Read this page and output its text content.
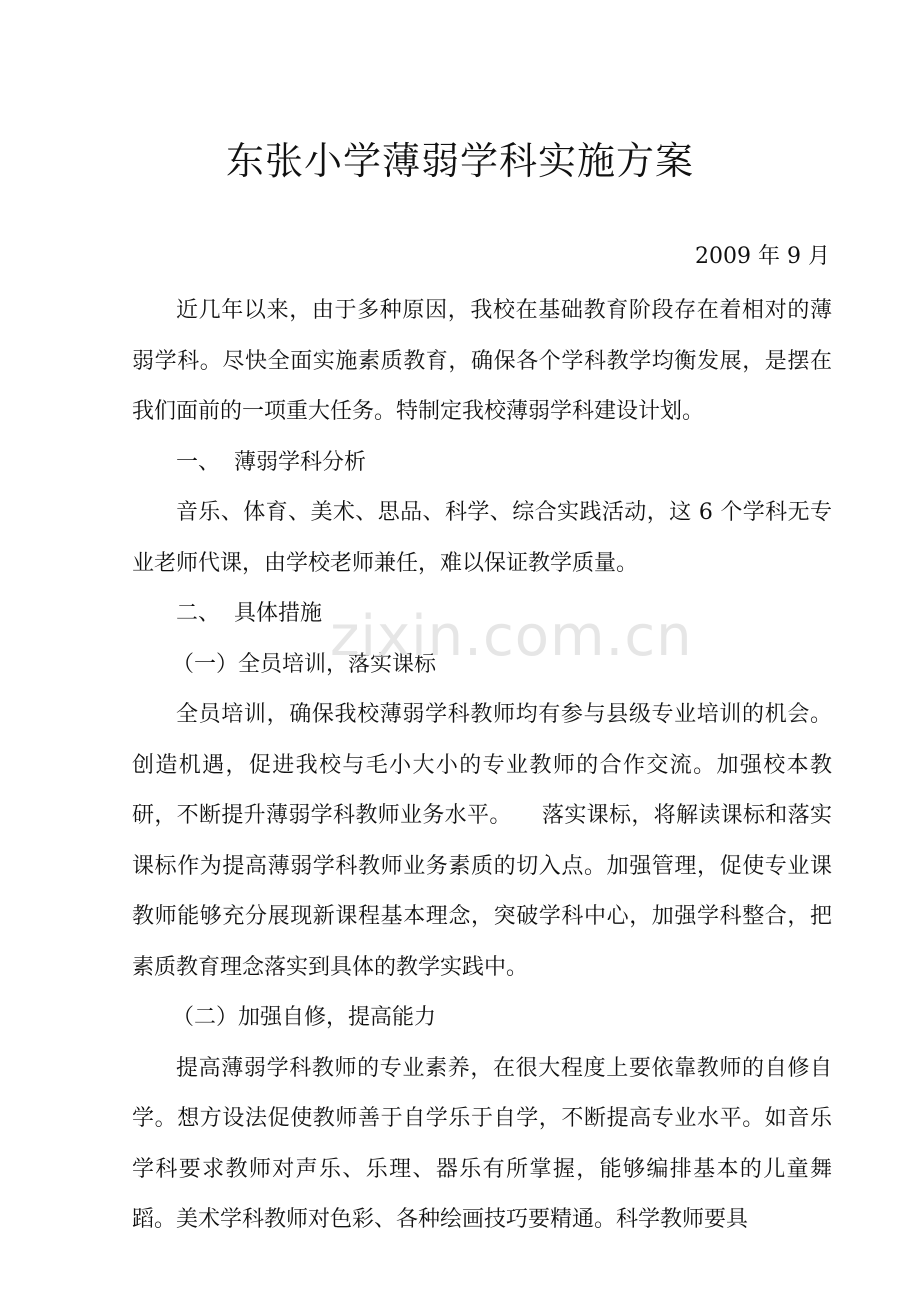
东张小学薄弱学科实施方案
2009 年 9 月

近几年以来，由于多种原因，我校在基础教育阶段存在着相对的薄弱学科。尽快全面实施素质教育，确保各个学科教学均衡发展，是摆在我们面前的一项重大任务。特制定我校薄弱学科建设计划。

一、 薄弱学科分析

音乐、体育、美术、思品、科学、综合实践活动，这 6 个学科无专业老师代课，由学校老师兼任，难以保证教学质量。

二、 具体措施

（一）全员培训，落实课标

全员培训，确保我校薄弱学科教师均有参与县级专业培训的机会。创造机遇，促进我校与毛小大小的专业教师的合作交流。加强校本教研，不断提升薄弱学科教师业务水平。 落实课标，将解读课标和落实课标作为提高薄弱学科教师业务素质的切入点。加强管理，促使专业课教师能够充分展现新课程基本理念，突破学科中心，加强学科整合，把素质教育理念落实到具体的教学实践中。

（二）加强自修，提高能力

提高薄弱学科教师的专业素养，在很大程度上要依靠教师的自修自学。想方设法促使教师善于自学乐于自学，不断提高专业水平。如音乐学科要求教师对声乐、乐理、器乐有所掌握，能够编排基本的儿童舞蹈。美术学科教师对色彩、各种绘画技巧要精通。科学教师要具

zixin.com.cn
